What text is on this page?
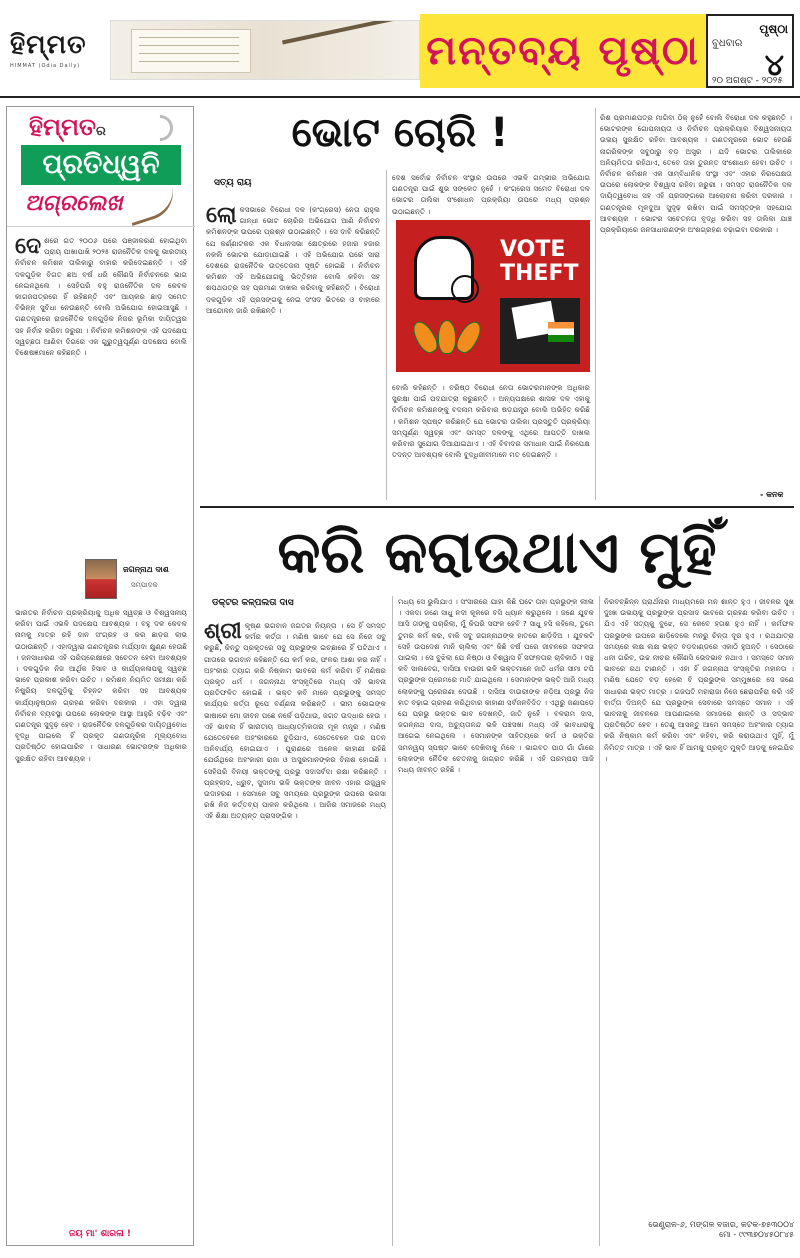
ହିମ୍ମତ
HIMMAT (Odia Daily)	ମନ୍ତବ୍ୟ ପୃଷ୍ଠା	ପୃଷ୍ଠା
ବୁଧବାର
୪
୨୦ ଅଗଷ୍ଟ - ୨୦୨୫
ହିମ୍ମତର
ପ୍ରତିଧ୍ୱନି
ଅଗ୍ରଲେଖ
ଦେ ଶରେ ଗତ ୨୦୦୬ ପରେ ପଞ୍ଜୀକରଣ ହୋଇଥିବା ପ୍ରାୟ ପାଖାପାଖି ୨୦୨୫ ରାଜନୈତିକ ଦଳକୁ ଭାରତୀୟ ନିର୍ବାଚନ କମିଶନ ତାଲିକାରୁ ବାହାର କରିଦେଇଛନ୍ତି । ଏହି ଦଳଗୁଡ଼ିକ ବିଗତ ଛଅ ବର୍ଷ ଧରି କୌଣସି ନିର୍ବାଚନରେ ଭାଗ ନେଇନଥିଲେ । ସେହିପରି ବହୁ ରାଜନୈତିକ ଦଳ କେବଳ କାଗଜପତ୍ରରେ ହିଁ ରହିଛନ୍ତି ଏବଂ ଆୟକର ଛାଡ଼ ସମେତ ବିଭିନ୍ନ ସୁବିଧା ନେଉଛନ୍ତି ବୋଲି ଅଭିଯୋଗ ହୋଇଆସୁଛି । ଗଣତନ୍ତ୍ରରେ ରାଜନୈତିକ ଦଳଗୁଡ଼ିକ ନିଜର ଭୂମିକା ଦାୟିତ୍ୱର ସହ ନିର୍ବାହ କରିବା ଜରୁରୀ । ନିର୍ବାଚନ କମିଶନଙ୍କ ଏହି ପଦକ୍ଷେପ ସ୍ୱଚ୍ଛତା ଆଣିବା ଦିଗରେ ଏକ ଗୁରୁତ୍ୱପୂର୍ଣ୍ଣ ପଦକ୍ଷେପ ବୋଲି ବିଶେଷଜ୍ଞମାନେ କହିଛନ୍ତି ।
ଜଗନ୍ନାଥ ଦାଶ
ସମ୍ପାଦକ
ଭାରତର ନିର୍ବାଚନ ପ୍ରକ୍ରିୟାକୁ ଅଧିକ ସ୍ୱଚ୍ଛ ଓ ବିଶ୍ୱସନୀୟ କରିବା ପାଇଁ ଏଭଳି ପଦକ୍ଷେପ ଆବଶ୍ୟକ । ବହୁ ଦଳ କେବଳ ନାମକୁ ମାତ୍ର ରହି ଦାନ ସଂଗ୍ରହ ଓ କର ଛାଡ଼ର ଲାଭ ଉଠାଉଛନ୍ତି । ଏହାଦ୍ୱାରା ଗଣତନ୍ତ୍ରର ମର୍ଯ୍ୟାଦା କ୍ଷୁଣ୍ଣ ହେଉଛି । ଜନସାଧାରଣ ଏହି ପରିପ୍ରେକ୍ଷୀରେ ସଚେତନ ହେବା ଆବଶ୍ୟକ । ଦଳଗୁଡ଼ିକ ନିଜ ଆର୍ଥିକ ହିସାବ ଓ କାର୍ଯ୍ୟକଳାପକୁ ସ୍ୱଚ୍ଛ ଭାବେ ପ୍ରକାଶ କରିବା ଉଚିତ । କମିଶନ ନିୟମିତ ସମୀକ୍ଷା କରି ନିଷ୍କ୍ରିୟ ଦଳଗୁଡ଼ିକୁ ଚିହ୍ନଟ କରିବା ସହ ଆବଶ୍ୟକ କାର୍ଯ୍ୟାନୁଷ୍ଠାନ ଗ୍ରହଣ କରିବା ଦରକାର । ଏହା ଦ୍ୱାରା ନିର୍ବାଚନ ବ୍ୟବସ୍ଥା ଉପରେ ଲୋକଙ୍କ ଆସ୍ଥା ଆହୁରି ବଢ଼ିବ ଏବଂ ଗଣତନ୍ତ୍ର ସୁଦୃଢ଼ ହେବ । ରାଜନୈତିକ ଦଳଗୁଡ଼ିକର ଦାୟିତ୍ୱବୋଧ ବୃଦ୍ଧି ପାଇଲେ ହିଁ ପ୍ରକୃତ ଗଣତାନ୍ତ୍ରିକ ମୂଲ୍ୟବୋଧ ପ୍ରତିଷ୍ଠିତ ହୋଇପାରିବ । ସାଧାରଣ ଭୋଟରଙ୍କ ଅଧିକାର ସୁରକ୍ଷିତ ରହିବା ଆବଶ୍ୟକ ।
ଜୟ ମା' ଶାରଳା !
ଭୋଟ ଚୋରି !
ସତ୍ୟ ରାୟ
ଲୋ କସଭାରେ ବିରୋଧୀ ଦଳ (କଂଗ୍ରେସ) ନେତା ରାହୁଲ ଗାନ୍ଧୀ ଭୋଟ ଚୋରିର ଅଭିଯୋଗ ଆଣି ନିର୍ବାଚନ କମିଶନଙ୍କ ଉପରେ ପ୍ରଶ୍ନ ଉଠାଇଛନ୍ତି । ସେ ଦାବି କରିଛନ୍ତି ଯେ କର୍ଣ୍ଣାଟକର ଏକ ବିଧାନସଭା କ୍ଷେତ୍ରରେ ହଜାର ହଜାର ନକଲି ଭୋଟର ଯୋଡ଼ାଯାଇଛି । ଏହି ଅଭିଯୋଗ ପରେ ସାରା ଦେଶରେ ରାଜନୈତିକ ଉତ୍ତେଜନା ସୃଷ୍ଟି ହୋଇଛି । ନିର୍ବାଚନ କମିଶନ ଏହି ଅଭିଯୋଗକୁ ଭିତ୍ତିହୀନ ବୋଲି କହିବା ସହ ଶପଥପତ୍ର ସହ ପ୍ରମାଣ ଦାଖଲ କରିବାକୁ କହିଛନ୍ତି । ବିରୋଧୀ ଦଳଗୁଡ଼ିକ ଏହି ପ୍ରସଙ୍ଗକୁ ନେଇ ସଂସଦ ଭିତରେ ଓ ବାହାରେ ଆନ୍ଦୋଳନ ଜାରି ରଖିଛନ୍ତି ।
ଦେଶ ସର୍ବୋଚ୍ଚ ନିର୍ବାଚନ ସଂସ୍ଥାର ଉପରେ ଏଭଳି ଗମ୍ଭୀର ଅଭିଯୋଗ ଗଣତନ୍ତ୍ର ପାଇଁ ଶୁଭ ସଙ୍କେତ ନୁହେଁ । କଂଗ୍ରେସ ସମେତ ବିରୋଧୀ ଦଳ ଭୋଟର ତାଲିକା ସଂଶୋଧନ ପ୍ରକ୍ରିୟା ଉପରେ ମଧ୍ୟ ପ୍ରଶ୍ନ ଉଠାଇଛନ୍ତି ।
VOTE THEFT
ବୋଲି କହିଛନ୍ତି । ବରିଷ୍ଠ ବିରୋଧୀ ନେତା ଭୋଟରମାନଙ୍କ ଅଧିକାର ସୁରକ୍ଷା ପାଇଁ ପଦଯାତ୍ରା କରୁଛନ୍ତି । ଅନ୍ୟପକ୍ଷରେ ଶାସକ ଦଳ ଏହାକୁ ନିର୍ବାଚନ କମିଶନଙ୍କୁ ବଦନାମ କରିବାର ଷଡ଼ଯନ୍ତ୍ର ବୋଲି ଅଭିହିତ କରିଛି । କମିଶନ ସ୍ପଷ୍ଟ କରିଛନ୍ତି ଯେ ଭୋଟର ତାଲିକା ପ୍ରସ୍ତୁତି ପ୍ରକ୍ରିୟା ସମ୍ପୂର୍ଣ୍ଣ ସ୍ୱଚ୍ଛ ଏବଂ ସମସ୍ତ ଦଳଙ୍କୁ ଏଥିରେ ଆପତ୍ତି ଦାଖଲ କରିବାର ସୁଯୋଗ ଦିଆଯାଇଥାଏ । ଏହି ବିବାଦର ସମାଧାନ ପାଇଁ ନିରପେକ୍ଷ ତଦନ୍ତ ଆବଶ୍ୟକ ବୋଲି ବୁଦ୍ଧିଜୀବୀମାନେ ମତ ଦେଇଛନ୍ତି ।
ରିଶ ପ୍ରମାଣପତ୍ର ମାଗିବା ଠିକ୍ ନୁହେଁ ବୋଲି ବିରୋଧୀ ଦଳ କହୁଛନ୍ତି । ଭୋଟରଙ୍କ ଗୋପନୀୟତା ଓ ନିର୍ବାଚନ ପ୍ରକ୍ରିୟାର ବିଶ୍ୱସନୀୟତା ଉଭୟ ସୁରକ୍ଷିତ ରହିବା ଆବଶ୍ୟକ । ଗଣତନ୍ତ୍ରରେ ଭୋଟ ହେଉଛି ନାଗରିକଙ୍କ ସବୁଠାରୁ ବଡ଼ ଅସ୍ତ୍ର । ଯଦି ଭୋଟର ତାଲିକାରେ ଅନିୟମିତତା ରହିଥାଏ, ତେବେ ତାହା ତୁରନ୍ତ ସଂଶୋଧନ ହେବା ଉଚିତ । ନିର୍ବାଚନ କମିଶନ ଏକ ସାମ୍ବିଧାନିକ ସଂସ୍ଥା ଏବଂ ଏହାର ନିରପେକ୍ଷତା ଉପରେ ଲୋକଙ୍କ ବିଶ୍ୱାସ ରହିବା ଜରୁରୀ । ସମସ୍ତ ରାଜନୈତିକ ଦଳ ଦାୟିତ୍ୱବୋଧ ସହ ଏହି ପ୍ରସଙ୍ଗରେ ଆଲୋଚନା କରିବା ଦରକାର । ଗଣତନ୍ତ୍ରର ମୂଳଦୁଆ ସୁଦୃଢ଼ ରଖିବା ପାଇଁ ସମସ୍ତଙ୍କ ସହଯୋଗ ଆବଶ୍ୟକ । ଭୋଟର ସଚେତନତା ବୃଦ୍ଧି କରିବା ସହ ତାଲିକା ଯାଞ୍ଚ ପ୍ରକ୍ରିୟାରେ ଜନସାଧାରଣଙ୍କ ଅଂଶଗ୍ରହଣ ବଢ଼ାଇବା ଦରକାର ।
- କନକ
କରି କରାଉଥାଏ ମୁହିଁ
ଡକ୍ଟର କଳ୍ପଲତା ଦାସ
ଶ୍ରୀ କୃଷ୍ଣ ଭଗବାନ ଜଗତର ନିୟନ୍ତା । ସେ ହିଁ ସମସ୍ତ କର୍ମର କର୍ତ୍ତା । ମଣିଷ ଭାବେ ଯେ ସେ ନିଜେ ସବୁ କରୁଛି, କିନ୍ତୁ ପ୍ରକୃତରେ ସବୁ ପ୍ରଭୁଙ୍କ ଇଚ୍ଛାରେ ହିଁ ଘଟିଥାଏ । ଗୀତାରେ ଭଗବାନ କହିଛନ୍ତି ଯେ କର୍ମ କର, ଫଳର ଆଶା କର ନାହିଁ । ଅହଂକାର ତ୍ୟାଗ କରି ନିଷ୍କାମ ଭାବରେ କର୍ମ କରିବା ହିଁ ମଣିଷର ପ୍ରକୃତ ଧର୍ମ । ଜଗନ୍ନାଥ ସଂସ୍କୃତିରେ ମଧ୍ୟ ଏହି ଭାବନା ପ୍ରତିଫଳିତ ହୋଇଛି । ଭକ୍ତ କବି ମାନେ ପ୍ରଭୁଙ୍କୁ ସମସ୍ତ କାର୍ଯ୍ୟର କର୍ତ୍ତା ରୂପେ ବର୍ଣ୍ଣନା କରିଛନ୍ତି । ଭୀମ ଭୋଇଙ୍କ ଭାଷାରେ ମୋ ଜୀବନ ପଛେ ନର୍କେ ପଡ଼ିଥାଉ, ଜଗତ ଉଦ୍ଧାର ହେଉ । ଏହି ଭାବନା ହିଁ ଭାରତୀୟ ଆଧ୍ୟାତ୍ମିକତାର ମୂଳ ମନ୍ତ୍ର । ମଣିଷ ଯେତେବେଳେ ଅହଂକାରରେ ବୁଡ଼ିଯାଏ, ସେତେବେଳେ ତାର ପତନ ଅନିବାର୍ଯ୍ୟ ହୋଇଯାଏ । ପୁରାଣରେ ଅନେକ କାହାଣୀ ରହିଛି ଯେଉଁଥିରେ ଅହଂକାରୀ ରାଜା ଓ ଅସୁରମାନଙ୍କର ବିନାଶ ହୋଇଛି । ସେହିପରି ବିନୟୀ ଭକ୍ତଙ୍କୁ ପ୍ରଭୁ ସଦାସର୍ବଦା ରକ୍ଷା କରିଛନ୍ତି । ପ୍ରହ୍ଲାଦ, ଧ୍ରୁବ, ସୁଦାମା ଭଳି ଭକ୍ତଙ୍କ ଜୀବନ ଏହାର ଉଜ୍ଜ୍ୱଳ ଉଦାହରଣ । ସେମାନେ ସବୁ ସମୟରେ ପ୍ରଭୁଙ୍କ ଉପରେ ଭରସା ରଖି ନିଜ କର୍ତ୍ତବ୍ୟ ପାଳନ କରିଥିଲେ । ଆଜିର ସମାଜରେ ମଧ୍ୟ ଏହି ଶିକ୍ଷା ଅତ୍ୟନ୍ତ ପ୍ରାସଙ୍ଗିକ ।
ମଧ୍ୟ ସେ ଭୁଲିଯାଏ । ସଂସାରରେ ଯାହା କିଛି ଘଟେ ତାହା ପ୍ରଭୁଙ୍କ ଲୀଳା । ଏକଦା ଜଣେ ସାଧୁ ନଦୀ କୂଳରେ ବସି ଧ୍ୟାନ କରୁଥିଲେ । ଜଣେ ଯୁବକ ଆସି ତାଙ୍କୁ ପଚାରିଲା, ମୁଁ କିପରି ସଫଳ ହେବି ? ସାଧୁ ହସି କହିଲେ, ତୁମେ ତୁମର କର୍ମ କର, ବାକି ସବୁ ଜଗନ୍ନାଥଙ୍କ ହାତରେ ଛାଡ଼ିଦିଅ । ଯୁବକଟି ସେହି ଉପଦେଶ ମାନି ଚାଲିଲା ଏବଂ କିଛି ବର୍ଷ ପରେ ଜୀବନରେ ସଫଳତା ପାଇଲା । ସେ ବୁଝିଲା ଯେ ନିଷ୍ଠା ଓ ବିଶ୍ୱାସ ହିଁ ସଫଳତାର ଚାବିକାଠି । ସନ୍ଥ କବି ସାଲବେଗ, ଦାସିଆ ବାଉରୀ ଭଳି ଭକ୍ତମାନେ ଜାତି ଧର୍ମର ସୀମା ଟପି ପ୍ରଭୁଙ୍କ ପ୍ରେମରେ ମାତି ଯାଇଥିଲେ । ସେମାନଙ୍କ ଭକ୍ତି ଆଜି ମଧ୍ୟ ଲୋକଙ୍କୁ ପ୍ରେରଣା ଦେଉଛି । ଦାସିଆ ବାଉରୀଙ୍କ ନଡ଼ିଆ ପ୍ରଭୁ ନିଜ ହାତ ବଢ଼ାଇ ଗ୍ରହଣ କରିଥିବାର କାହାଣୀ ସର୍ବଜନବିଦିତ । ଏଥିରୁ ଜଣାପଡ଼େ ଯେ ପ୍ରଭୁ ଭକ୍ତର ଭାବ ଦେଖନ୍ତି, ଜାତି ନୁହେଁ । ବଳରାମ ଦାସ, ଜଗନ୍ନାଥ ଦାସ, ଅଚ୍ୟୁତାନନ୍ଦ ଭଳି ପଞ୍ଚସଖା ମଧ୍ୟ ଏହି ଭାବଧାରାକୁ ଆଗେଇ ନେଇଥିଲେ । ସେମାନଙ୍କ ସାହିତ୍ୟରେ କର୍ମ ଓ ଭକ୍ତିର ସମନ୍ୱୟ ସ୍ପଷ୍ଟ ଭାବେ ଦେଖିବାକୁ ମିଳେ । ଭାଗବତ ପାଠ ଗାଁ ଗାଁରେ ଲୋକଙ୍କ ନୈତିକ ଚେତନାକୁ ଜାଗ୍ରତ କରିଛି । ଏହି ପରମ୍ପରା ଆଜି ମଧ୍ୟ ଜୀବନ୍ତ ରହିଛି ।
ନିରବଚ୍ଛିନ୍ନ ପ୍ରାର୍ଥନାର ମାଧ୍ୟମରେ ମନ ଶାନ୍ତ ହୁଏ । ଜୀବନର ସୁଖ ଦୁଃଖ ଉଭୟକୁ ପ୍ରଭୁଙ୍କ ପ୍ରସାଦ ଭାବରେ ଗ୍ରହଣ କରିବା ଉଚିତ । ଯିଏ ଏହି ସତ୍ୟକୁ ବୁଝେ, ସେ କେବେ ହତାଶ ହୁଏ ନାହିଁ । କର୍ମଫଳ ପ୍ରଭୁଙ୍କ ଉପରେ ଛାଡ଼ିଦେଲେ ମନରୁ ଚିନ୍ତା ଦୂର ହୁଏ । ରଥଯାତ୍ରା ସମୟରେ ଲକ୍ଷ ଲକ୍ଷ ଭକ୍ତ ବଡ଼ଦାଣ୍ଡରେ ଏକାଠି ହୁଅନ୍ତି । ସେଠାରେ ଧନୀ ଗରିବ, ଉଚ୍ଚ ନୀଚର କୌଣସି ଭେଦଭାବ ନଥାଏ । ସମସ୍ତେ ସମାନ ଭାବରେ ରଥ ଟାଣନ୍ତି । ଏହା ହିଁ ଜଗନ୍ନାଥ ସଂସ୍କୃତିର ମହାନତା । ମଣିଷ ଯେତେ ବଡ଼ ହେଲେ ବି ପ୍ରଭୁଙ୍କ ସମ୍ମୁଖରେ ସେ ଜଣେ ସାଧାରଣ ଭକ୍ତ ମାତ୍ର । ଗଜପତି ମହାରାଜା ନିଜେ ଛେରାପହଁରା କରି ଏହି ବାର୍ତ୍ତା ଦିଅନ୍ତି ଯେ ପ୍ରଭୁଙ୍କ ସେବାରେ ସମସ୍ତେ ସମାନ । ଏହି ଭାବନାକୁ ଜୀବନରେ ଆପଣାଇଲେ ସମାଜରେ ଶାନ୍ତି ଓ ସଦ୍ଭାବ ପ୍ରତିଷ୍ଠିତ ହେବ । ତେଣୁ ଆସନ୍ତୁ ଆମେ ସମସ୍ତେ ଅହଂକାର ତ୍ୟାଗ କରି ନିଷ୍କାମ କର୍ମ କରିବା ଏବଂ କହିବା, କରି କରାଉଥାଏ ମୁହିଁ, ମୁଁ ନିମିତ୍ତ ମାତ୍ର । ଏହି ଭାବ ହିଁ ଆମକୁ ପ୍ରକୃତ ମୁକ୍ତି ଆଡ଼କୁ ନେଇଯିବ ।
ଭେଣ୍ଟ୍ରାଳ-୬, ମଙ୍ଗଳ ବଜାର, କଟକ-୭୫୩୦୦୪
ମୋ - ୯୯୩୭୦୪୫୦୮୪୫
